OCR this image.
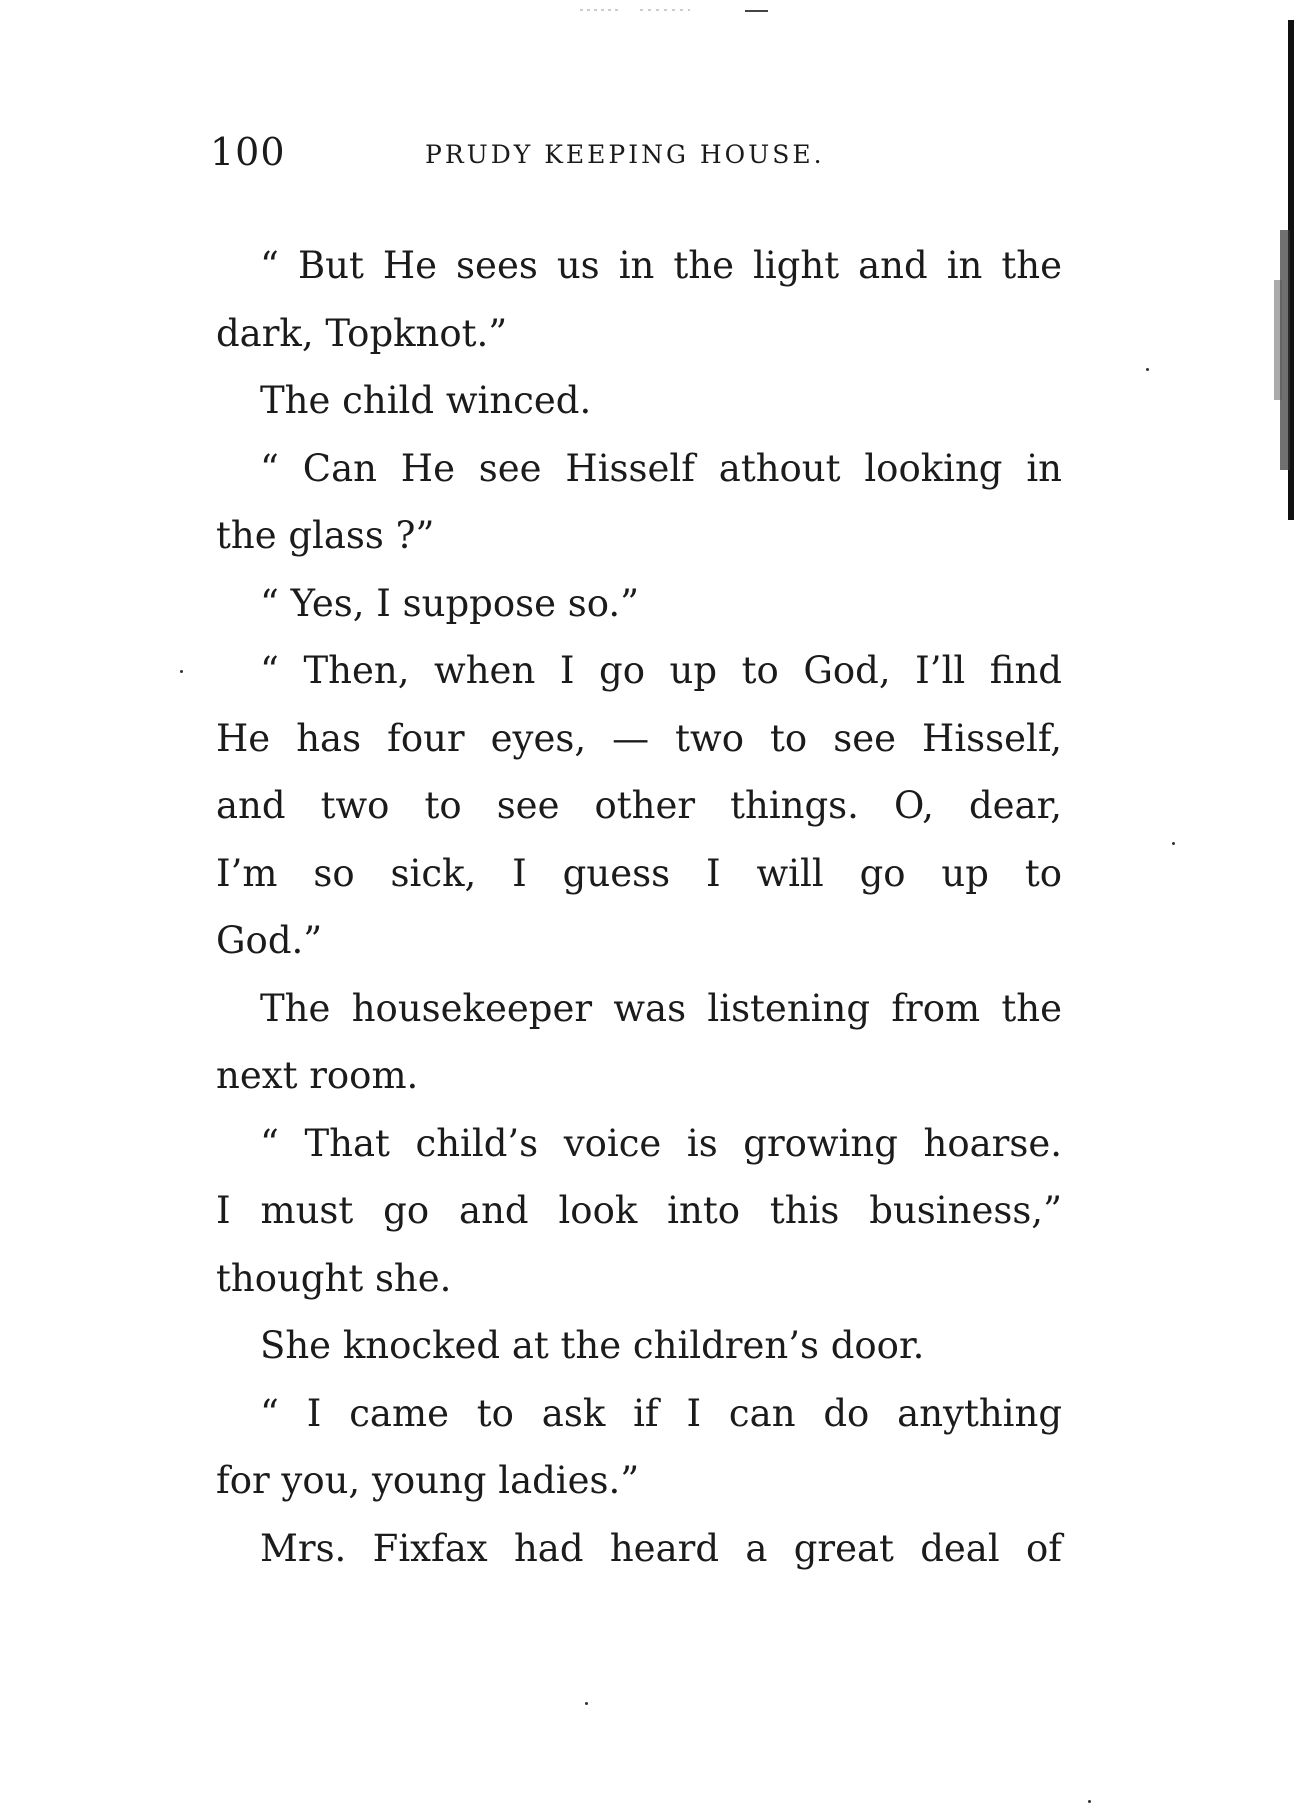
100	PRUDY KEEPING HOUSE.
“ But He sees us in the light and in the
dark, Topknot.”
The child winced.
“ Can He see Hisself athout looking in
the glass ?”
“ Yes, I suppose so.”
“ Then, when I go up to God, I’ll find
He has four eyes, — two to see Hisself,
and two to see other things. O, dear,
I’m so sick, I guess I will go up to
God.”
The housekeeper was listening from the
next room.
“ That child’s voice is growing hoarse.
I must go and look into this business,”
thought she.
She knocked at the children’s door.
“ I came to ask if I can do anything
for you, young ladies.”
Mrs. Fixfax had heard a great deal of
